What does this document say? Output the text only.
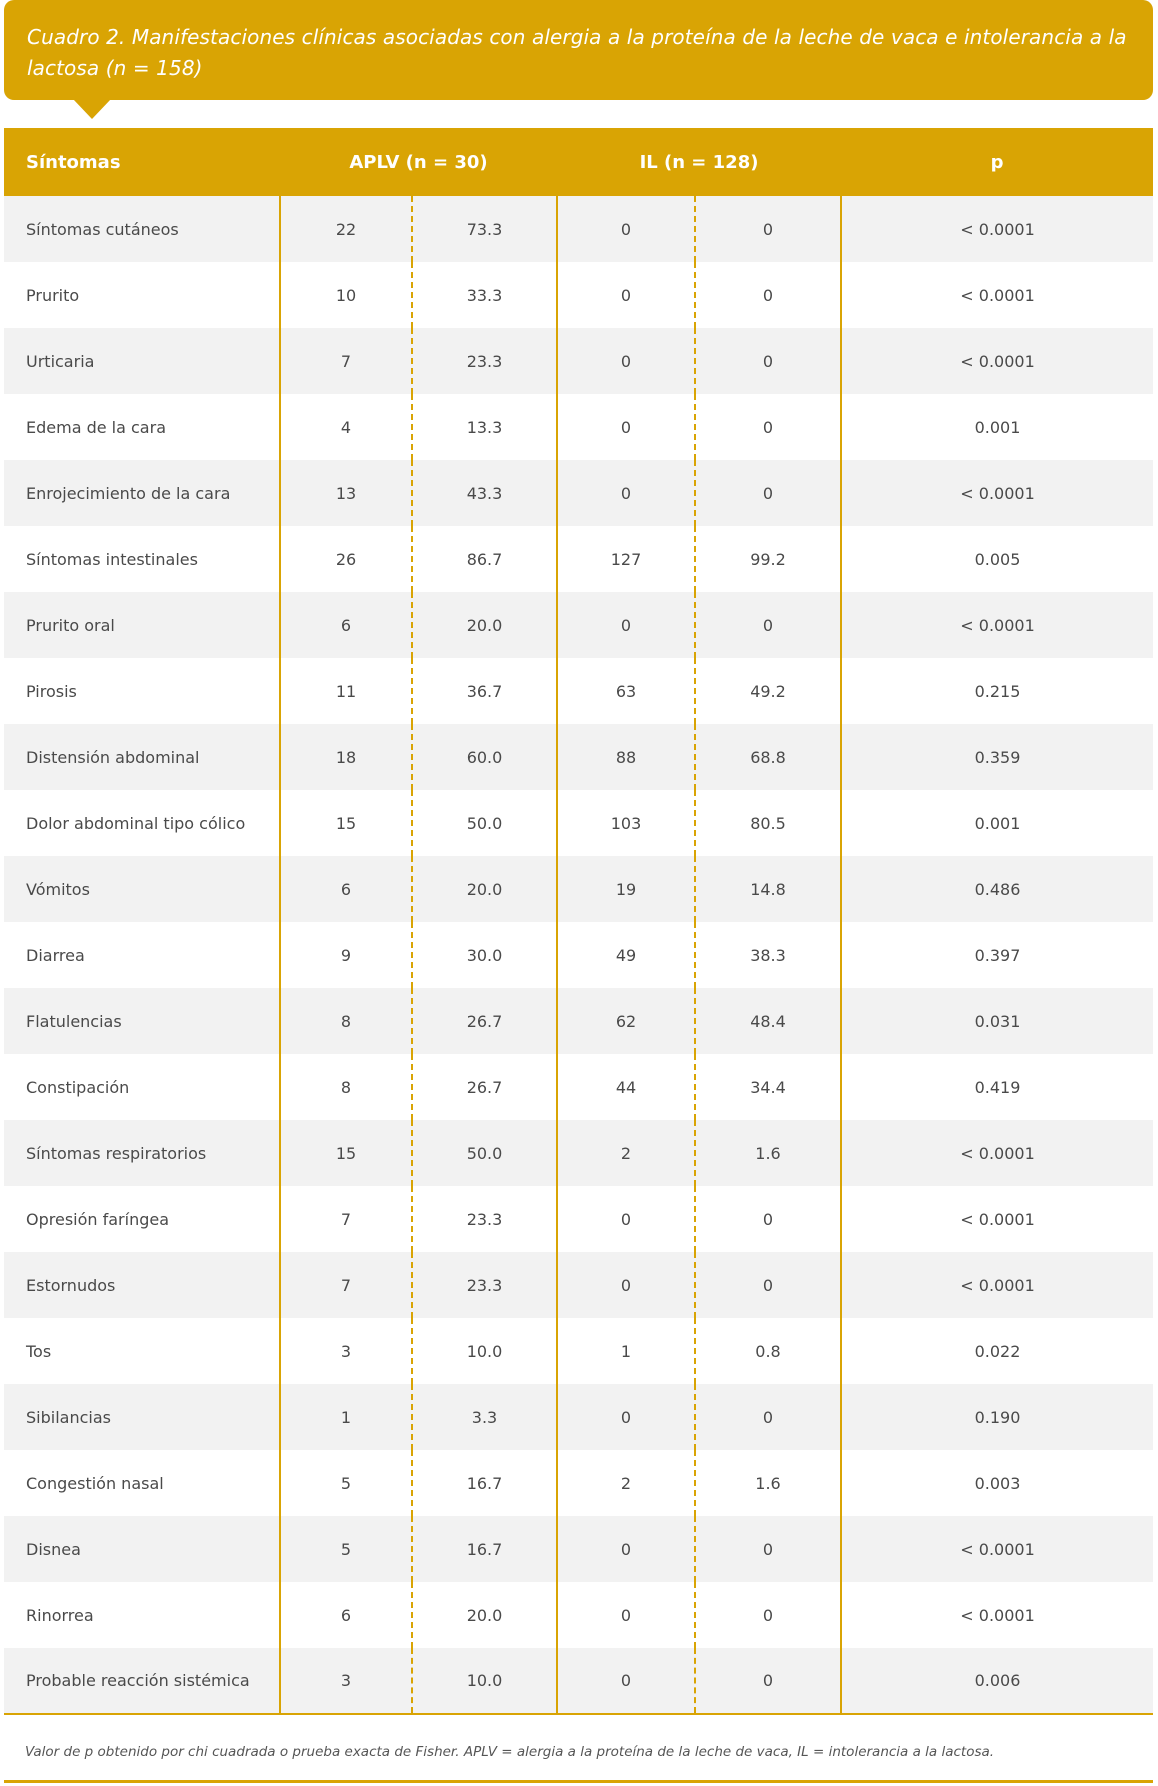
Cuadro 2. Manifestaciones clínicas asociadas con alergia a la proteína de la leche de vaca e intolerancia a la lactosa (n = 158)
Síntomas	APLV (n = 30)		IL (n = 128)		p
Síntomas cutáneos	22	73.3	0	0	< 0.0001
Prurito	10	33.3	0	0	< 0.0001
Urticaria	7	23.3	0	0	< 0.0001
Edema de la cara	4	13.3	0	0	0.001
Enrojecimiento de la cara	13	43.3	0	0	< 0.0001
Síntomas intestinales	26	86.7	127	99.2	0.005
Prurito oral	6	20.0	0	0	< 0.0001
Pirosis	11	36.7	63	49.2	0.215
Distensión abdominal	18	60.0	88	68.8	0.359
Dolor abdominal tipo cólico	15	50.0	103	80.5	0.001
Vómitos	6	20.0	19	14.8	0.486
Diarrea	9	30.0	49	38.3	0.397
Flatulencias	8	26.7	62	48.4	0.031
Constipación	8	26.7	44	34.4	0.419
Síntomas respiratorios	15	50.0	2	1.6	< 0.0001
Opresión faríngea	7	23.3	0	0	< 0.0001
Estornudos	7	23.3	0	0	< 0.0001
Tos	3	10.0	1	0.8	0.022
Sibilancias	1	3.3	0	0	0.190
Congestión nasal	5	16.7	2	1.6	0.003
Disnea	5	16.7	0	0	< 0.0001
Rinorrea	6	20.0	0	0	< 0.0001
Probable reacción sistémica	3	10.0	0	0	0.006
Valor de p obtenido por chi cuadrada o prueba exacta de Fisher. APLV = alergia a la proteína de la leche de vaca, IL = intolerancia a la lactosa.
